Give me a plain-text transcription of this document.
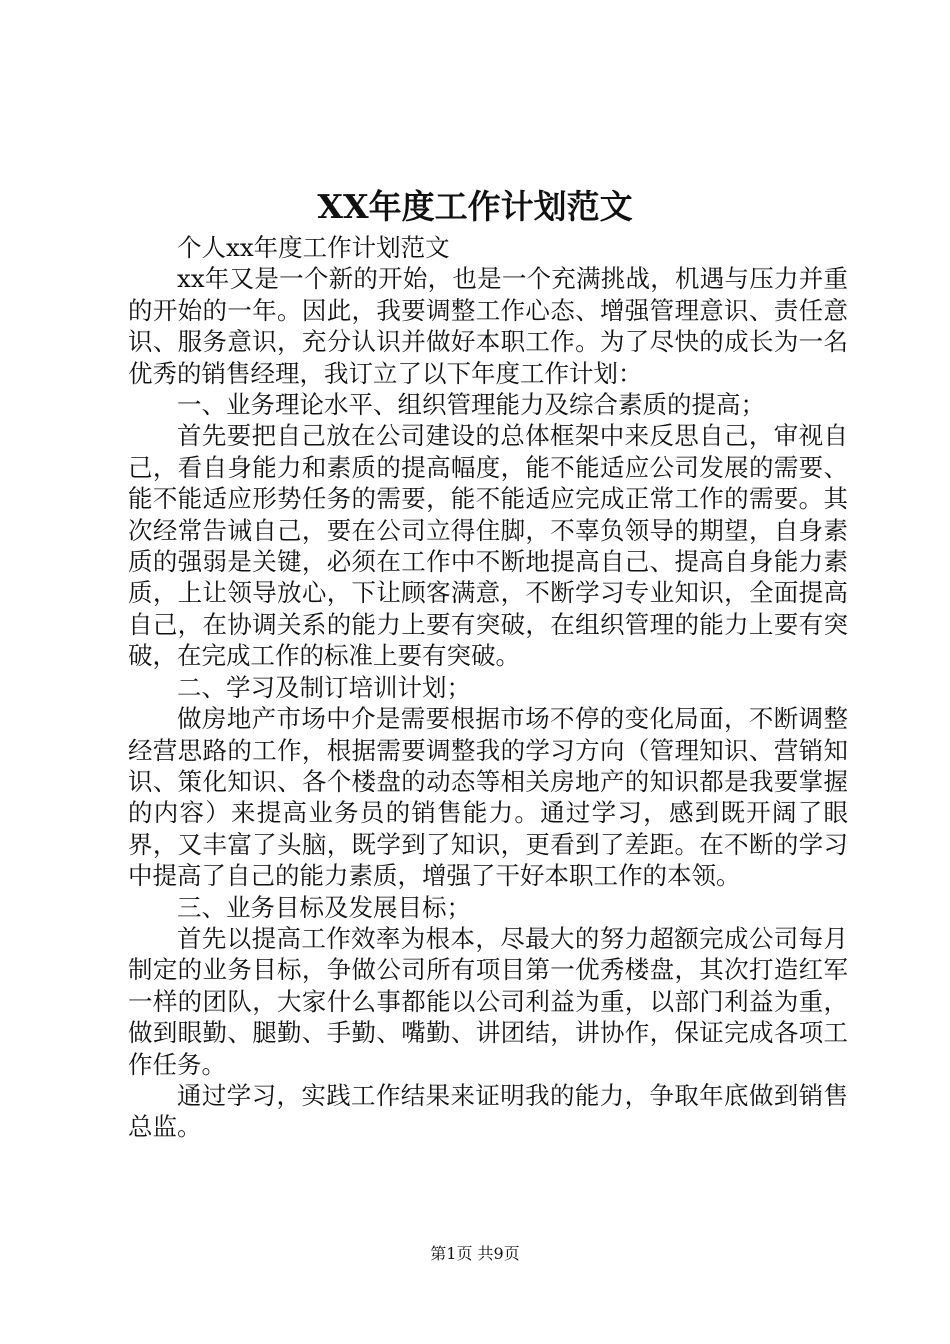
XX年度工作计划范文

个人xx年度工作计划范文

xx年又是一个新的开始，也是一个充满挑战，机遇与压力并重的开始的一年。因此，我要调整工作心态、增强管理意识、责任意识、服务意识，充分认识并做好本职工作。为了尽快的成长为一名优秀的销售经理，我订立了以下年度工作计划：

一、业务理论水平、组织管理能力及综合素质的提高；

首先要把自己放在公司建设的总体框架中来反思自己，审视自己，看自身能力和素质的提高幅度，能不能适应公司发展的需要、能不能适应形势任务的需要，能不能适应完成正常工作的需要。其次经常告诫自己，要在公司立得住脚，不辜负领导的期望，自身素质的强弱是关键，必须在工作中不断地提高自己、提高自身能力素质，上让领导放心，下让顾客满意，不断学习专业知识，全面提高自己，在协调关系的能力上要有突破，在组织管理的能力上要有突破，在完成工作的标准上要有突破。

二、学习及制订培训计划；

做房地产市场中介是需要根据市场不停的变化局面，不断调整经营思路的工作，根据需要调整我的学习方向（管理知识、营销知识、策化知识、各个楼盘的动态等相关房地产的知识都是我要掌握的内容）来提高业务员的销售能力。通过学习，感到既开阔了眼界，又丰富了头脑，既学到了知识，更看到了差距。在不断的学习中提高了自己的能力素质，增强了干好本职工作的本领。

三、业务目标及发展目标；

首先以提高工作效率为根本，尽最大的努力超额完成公司每月制定的业务目标，争做公司所有项目第一优秀楼盘，其次打造红军一样的团队，大家什么事都能以公司利益为重，以部门利益为重，做到眼勤、腿勤、手勤、嘴勤、讲团结，讲协作，保证完成各项工作任务。

通过学习，实践工作结果来证明我的能力，争取年底做到销售总监。

第1页 共9页
